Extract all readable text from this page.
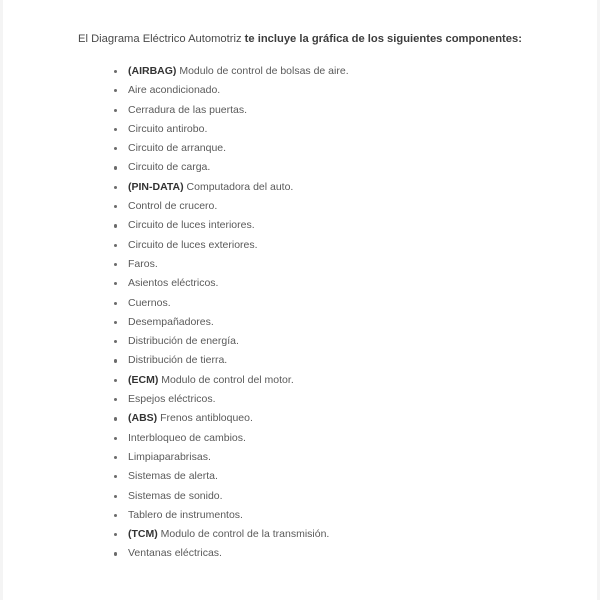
El Diagrama Eléctrico Automotriz te incluye la gráfica de los siguientes componentes:

(AIRBAG) Modulo de control de bolsas de aire.
Aire acondicionado.
Cerradura de las puertas.
Circuito antirobo.
Circuito de arranque.
Circuito de carga.
(PIN-DATA) Computadora del auto.
Control de crucero.
Circuito de luces interiores.
Circuito de luces exteriores.
Faros.
Asientos eléctricos.
Cuernos.
Desempañadores.
Distribución de energía.
Distribución de tierra.
(ECM) Modulo de control del motor.
Espejos eléctricos.
(ABS) Frenos antibloqueo.
Interbloqueo de cambios.
Limpiaparabrisas.
Sistemas de alerta.
Sistemas de sonido.
Tablero de instrumentos.
(TCM) Modulo de control de la transmisión.
Ventanas eléctricas.
